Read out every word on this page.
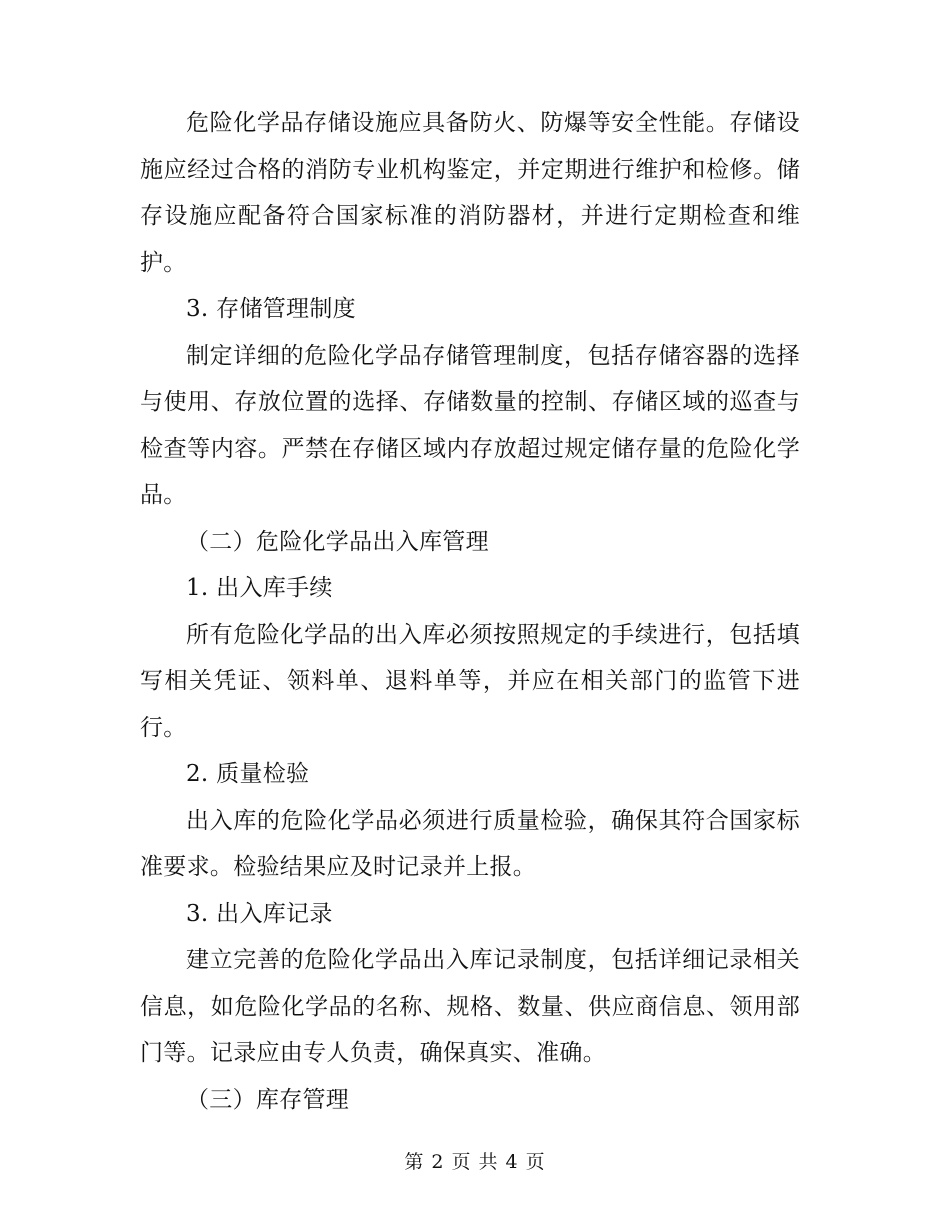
危险化学品存储设施应具备防火、防爆等安全性能。存储设施应经过合格的消防专业机构鉴定，并定期进行维护和检修。储存设施应配备符合国家标准的消防器材，并进行定期检查和维护。

3. 存储管理制度

制定详细的危险化学品存储管理制度，包括存储容器的选择与使用、存放位置的选择、存储数量的控制、存储区域的巡查与检查等内容。严禁在存储区域内存放超过规定储存量的危险化学品。

（二）危险化学品出入库管理

1. 出入库手续

所有危险化学品的出入库必须按照规定的手续进行，包括填写相关凭证、领料单、退料单等，并应在相关部门的监管下进行。

2. 质量检验

出入库的危险化学品必须进行质量检验，确保其符合国家标准要求。检验结果应及时记录并上报。

3. 出入库记录

建立完善的危险化学品出入库记录制度，包括详细记录相关信息，如危险化学品的名称、规格、数量、供应商信息、领用部门等。记录应由专人负责，确保真实、准确。

（三）库存管理

第 2 页 共 4 页
